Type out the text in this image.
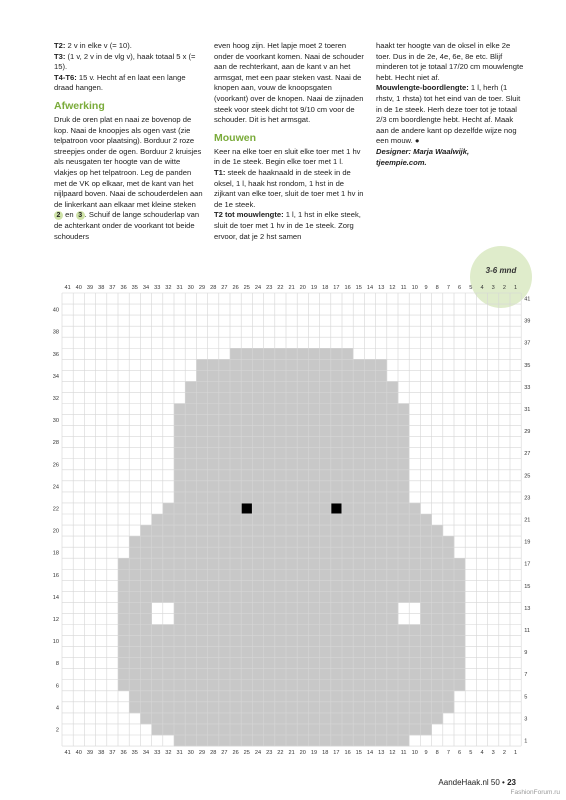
T2: 2 v in elke v (= 10).

T3: (1 v, 2 v in de vlg v), haak totaal 5 x (= 15).

T4-T6: 15 v. Hecht af en laat een lange draad hangen.

Afwerking

Druk de oren plat en naai ze bovenop de kop. Naai de knoopjes als ogen vast (zie telpatroon voor plaatsing). Borduur 2 roze streepjes onder de ogen. Borduur 2 kruisjes als neusgaten ter hoogte van de witte vlakjes op het telpatroon. Leg de panden met de VK op elkaar, met de kant van het nijlpaard boven. Naai de schouderdelen aan de linkerkant aan elkaar met kleine steken 2 en 3 . Schuif de lange schouderlap van de achterkant onder de voorkant tot beide schouders

even hoog zijn. Het lapje moet 2 toeren onder de voorkant komen. Naai de schouder aan de rechterkant, aan de kant v an het armsgat, met een paar steken vast. Naai de knopen aan, vouw de knoopsgaten (voorkant) over de knopen. Naai de zijnaden steek voor steek dicht tot 9/10 cm voor de schouder. Dit is het armsgat.

Mouwen

Keer na elke toer en sluit elke toer met 1 hv in de 1e steek. Begin elke toer met 1 l.

T1: steek de haaknaald in de steek in de oksel, 1 l, haak hst rondom, 1 hst in de zijkant van elke toer, sluit de toer met 1 hv in de 1e steek.

T2 tot mouwlengte: 1 l, 1 hst in elke steek, sluit de toer met 1 hv in de 1e steek. Zorg ervoor, dat je 2 hst samen

haakt ter hoogte van de oksel in elke 2e toer. Dus in de 2e, 4e, 6e, 8e etc. Blijf minderen tot je totaal 17/20 cm mouwlengte hebt. Hecht niet af.

Mouwlengte-boordlengte: 1 l, herh (1 rhstv, 1 rhsta) tot het eind van de toer. Sluit in de 1e steek. Herh deze toer tot je totaal 2/3 cm boordlengte hebt. Hecht af. Maak aan de andere kant op dezelfde wijze nog een mouw. ●

Designer: Marja Waalwijk,

tjeempie.com.

3-6 mnd
41
41
40
40
39
39
38
38
37
37
36
36
35
35
34
34
33
33
32
32
31
31
30
30
29
29
28
28
27
27
26
26
25
25
24
24
23
23
22
22
21
21
20
20
19
19
18
18
17
17
16
16
15
15
14
14
13
13
12
12
11
11
10
10
9
9
8
8
7
7
6
6
5
5
4
4
3
3
2
2
1
1
40
38
36
34
32
30
28
26
24
22
20
18
16
14
12
10
8
6
4
2
41
39
37
35
33
31
29
27
25
23
21
19
17
15
13
11
9
7
5
3
1
AandeHaak.nl 50 • 23
FashionForum.ru
